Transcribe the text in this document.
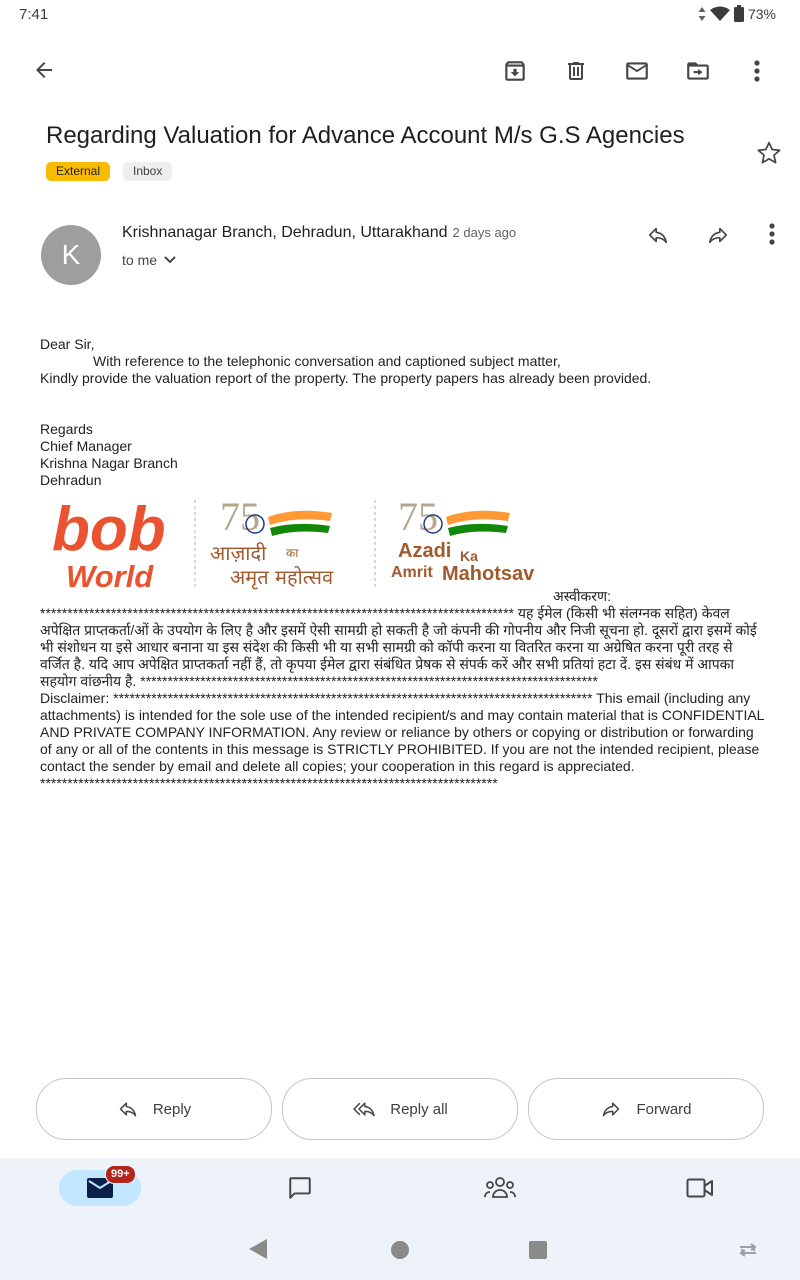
7:41	73%
Regarding Valuation for Advance Account M/s G.S Agencies
External	Inbox
K
Krishnanagar Branch, Dehradun, Uttarakhand 2 days ago
to me
Dear Sir,
With reference to the telephonic conversation and captioned subject matter,
Kindly provide the valuation report of the property. The property papers has already been provided.
Regards
Chief Manager
Krishna Nagar Branch
Dehradun
bob
World
75
आज़ादी का
अमृत महोत्सव
75
Azadi Ka
Amrit Mahotsav
अस्वीकरण:
*************************************************************************************** यह ईमेल (किसी भी संलग्नक सहित) केवल अपेक्षित प्राप्तकर्ता/ओं के उपयोग के लिए है और इसमें ऐसी सामग्री हो सकती है जो कंपनी की गोपनीय और निजी सूचना हो. दूसरों द्वारा इसमें कोई भी संशोधन या इसे आधार बनाना या इस संदेश की किसी भी या सभी सामग्री को कॉपी करना या वितरित करना या अग्रेषित करना पूरी तरह से वर्जित है. यदि आप अपेक्षित प्राप्तकर्ता नहीं हैं, तो कृपया ईमेल द्वारा संबंधित प्रेषक से संपर्क करें और सभी प्रतियां हटा दें. इस संबंध में आपका सहयोग वांछनीय है. ************************************************************************************
Disclaimer: **************************************************************************************** This email (including any attachments) is intended for the sole use of the intended recipient/s and may contain material that is CONFIDENTIAL AND PRIVATE COMPANY INFORMATION. Any review or reliance by others or copying or distribution or forwarding of any or all of the contents in this message is STRICTLY PROHIBITED. If you are not the intended recipient, please contact the sender by email and delete all copies; your cooperation in this regard is appreciated. ************************************************************************************
Reply	Reply all	Forward
99+
